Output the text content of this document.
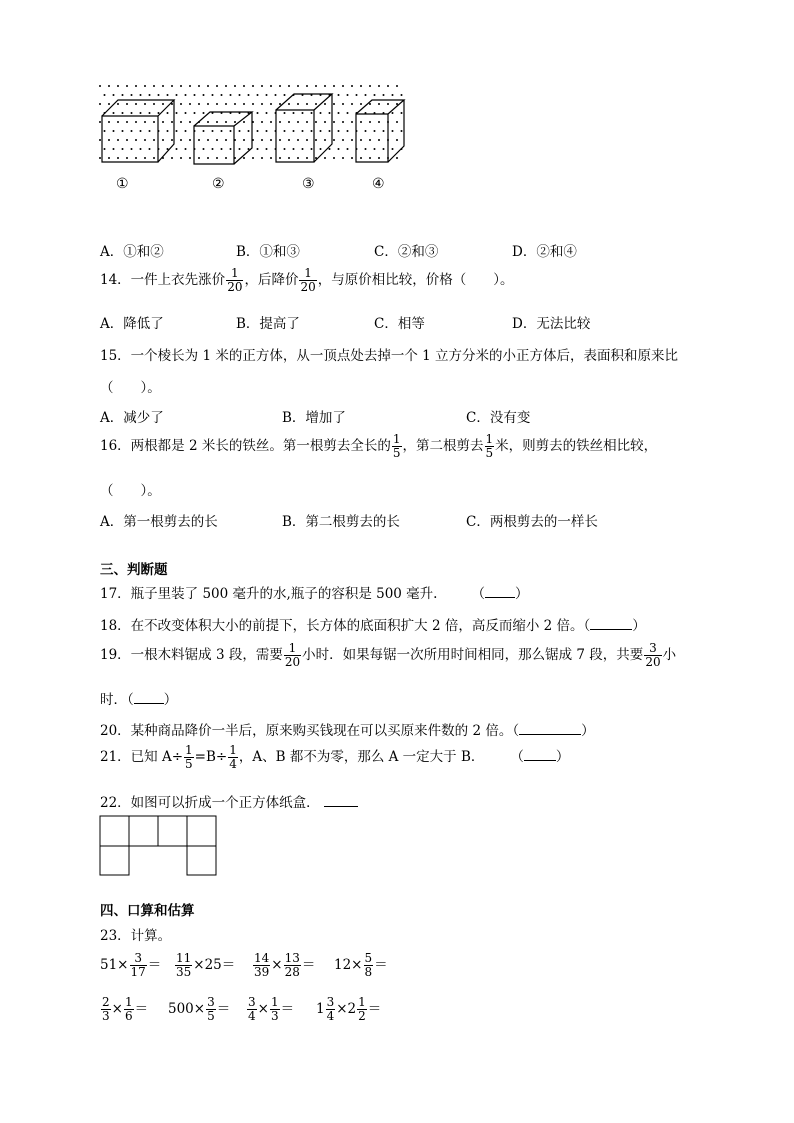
①	②	③	④
A．①和②	B．①和③	C．②和③	D．②和④
14．一件上衣先涨价 $\frac{1}{20}$ ，后降价 $\frac{1}{20}$ ，与原价相比较，价格（　　）。
A．降低了	B．提高了	C．相等	D．无法比较
15．一个棱长为 1 米的正方体，从一顶点处去掉一个 1 立方分米的小正方体后，表面积和原来比
（　　）。
A．减少了	B．增加了	C．没有变
16．两根都是 2 米长的铁丝。第一根剪去全长的 $\frac{1}{5}$ ，第二根剪去 $\frac{1}{5}$ 米，则剪去的铁丝相比较，
（　　）。
A．第一根剪去的长	B．第二根剪去的长	C．两根剪去的一样长
三、判断题
17．瓶子里装了 500 毫升的水,瓶子的容积是 500 毫升.	（ ）
18．在不改变体积大小的前提下，长方体的底面积扩大 2 倍，高反而缩小 2 倍。（	）
19．一根木料锯成 3 段，需要 $\frac{1}{20}$ 小时．如果每锯一次所用时间相同，那么锯成 7 段，共要 $\frac{3}{20}$ 小
时．（ ）
20．某种商品降价一半后，原来购买钱现在可以买原来件数的 2 倍。（	）
21．已知 $A\div \frac{1}{5} =B\div \frac{1}{4}$ ，A、B 都不为零，那么 A 一定大于 B． （ ）
22．如图可以折成一个正方体纸盒．
四、口算和估算
23．计算。
$51\times \frac{3}{17} = \frac{11}{35} \times 25= \frac{14}{39} \times \frac{13}{28} = 12\times \frac{5}{8}$ ＝
$\frac{2}{3} \times \frac{1}{6} = 500\times \frac{3}{5} = \frac{3}{4} \times \frac{1}{3} = 1 \frac{3}{4} \times 2 \frac{1}{2}$ ＝
